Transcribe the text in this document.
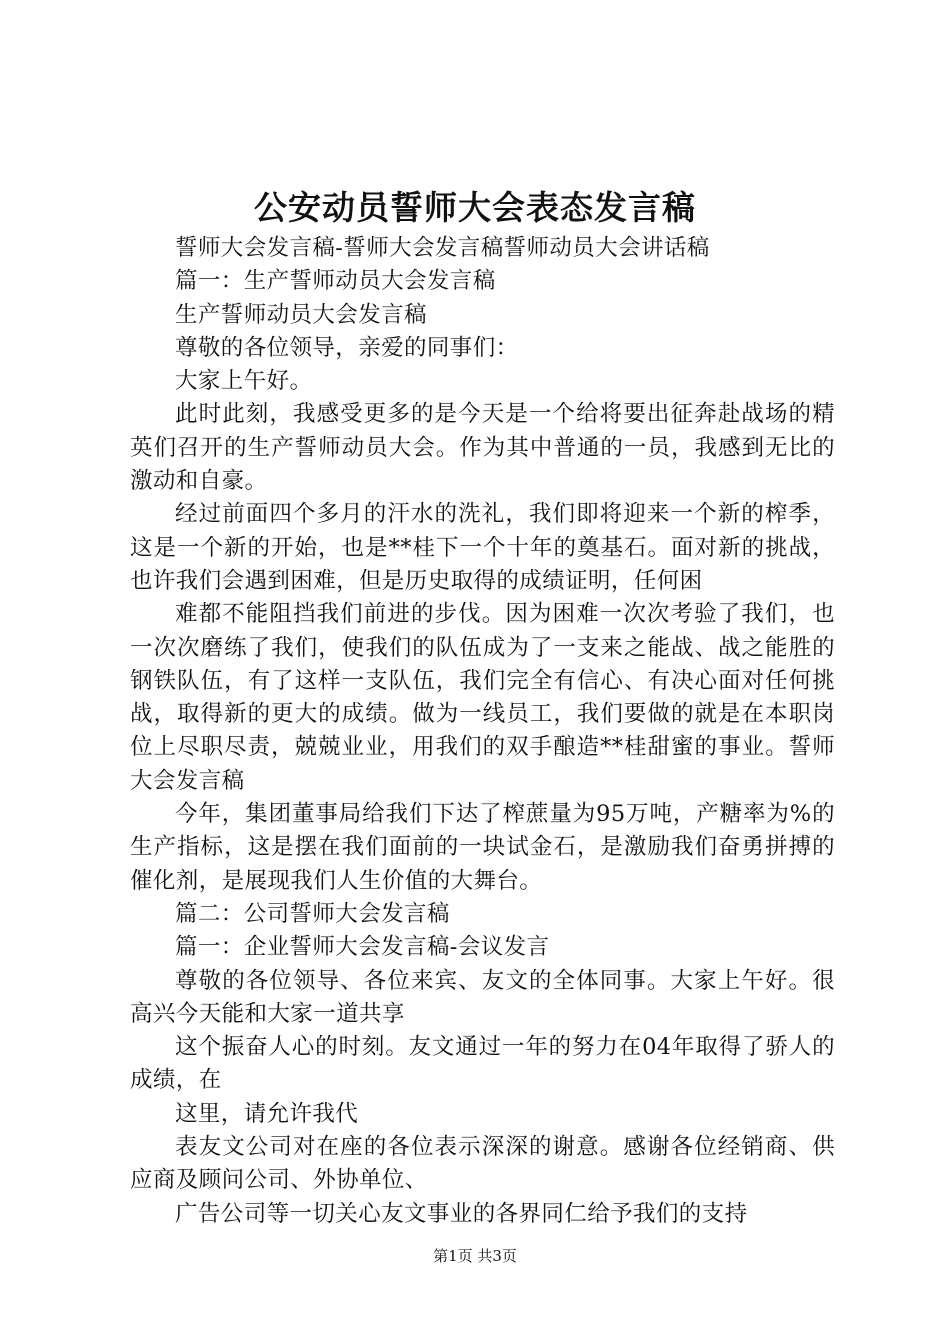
公安动员誓师大会表态发言稿

誓师大会发言稿-誓师大会发言稿誓师动员大会讲话稿

篇一：生产誓师动员大会发言稿

生产誓师动员大会发言稿

尊敬的各位领导，亲爱的同事们：

大家上午好。

此时此刻，我感受更多的是今天是一个给将要出征奔赴战场的精英们召开的生产誓师动员大会。作为其中普通的一员，我感到无比的激动和自豪。

经过前面四个多月的汗水的洗礼，我们即将迎来一个新的榨季，这是一个新的开始，也是**桂下一个十年的奠基石。面对新的挑战，也许我们会遇到困难，但是历史取得的成绩证明，任何困

难都不能阻挡我们前进的步伐。因为困难一次次考验了我们，也一次次磨练了我们，使我们的队伍成为了一支来之能战、战之能胜的钢铁队伍，有了这样一支队伍，我们完全有信心、有决心面对任何挑战，取得新的更大的成绩。做为一线员工，我们要做的就是在本职岗位上尽职尽责，兢兢业业，用我们的双手酿造**桂甜蜜的事业。誓师大会发言稿

今年，集团董事局给我们下达了榨蔗量为95万吨，产糖率为%的生产指标，这是摆在我们面前的一块试金石，是激励我们奋勇拼搏的催化剂，是展现我们人生价值的大舞台。

篇二：公司誓师大会发言稿

篇一：企业誓师大会发言稿-会议发言

尊敬的各位领导、各位来宾、友文的全体同事。大家上午好。很高兴今天能和大家一道共享

这个振奋人心的时刻。友文通过一年的努力在04年取得了骄人的成绩，在

这里，请允许我代

表友文公司对在座的各位表示深深的谢意。感谢各位经销商、供应商及顾问公司、外协单位、

广告公司等一切关心友文事业的各界同仁给予我们的支持

第1页 共3页
